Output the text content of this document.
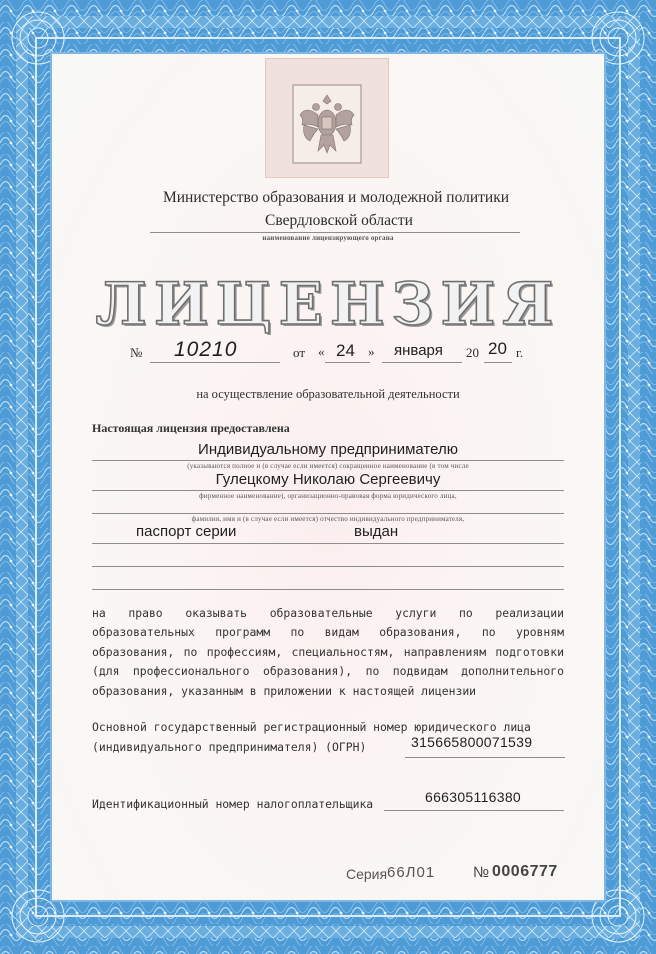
Министерство образования и молодежной политики
Свердловской области
наименование лицензирующего органа
ЛИЦЕНЗИЯ
№ 10210	от « 24 » января 20 20 г.
на осуществление образовательной деятельности
Настоящая лицензия предоставлена
Индивидуальному предпринимателю
(указываются полное и (в случае если имеется) сокращенное наименование (в том числе
Гулецкому Николаю Сергеевичу
фирменное наименование), организационно-правовая форма юридического лица,
фамилия, имя и (в случае если имеется) отчество индивидуального предпринимателя,
паспорт серии	выдан
на право оказывать образовательные услуги по реализации образовательных программ по видам образования, по уровням образования, по профессиям, специальностям, направлениям подготовки (для профессионального образования), по подвидам дополнительного образования, указанным в приложении к настоящей лицензии
Основной государственный регистрационный номер юридического лица
(индивидуального предпринимателя) (ОГРН)	315665800071539
Идентификационный номер налогоплательщика	666305116380
Серия 66Л01	№ 0006777
